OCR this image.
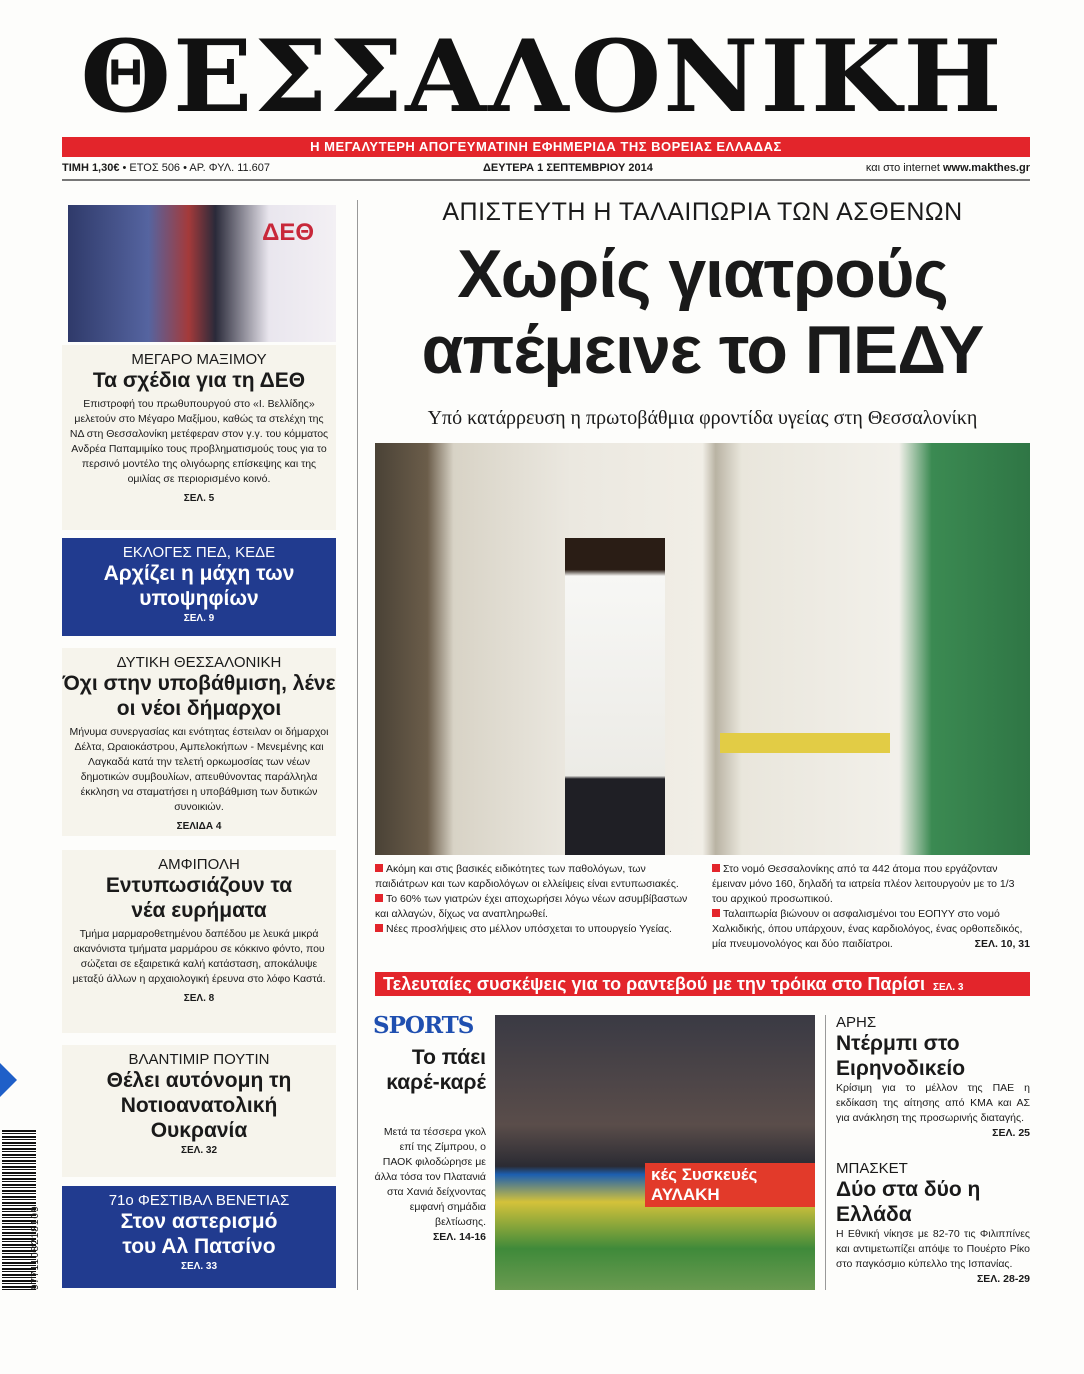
ΘΕΣΣΑΛΟΝΙΚΗ
Η ΜΕΓΑΛΥΤΕΡΗ ΑΠΟΓΕΥΜΑΤΙΝΗ ΕΦΗΜΕΡΙΔΑ ΤΗΣ ΒΟΡΕΙΑΣ ΕΛΛΑΔΑΣ
ΤΙΜΗ 1,30€ • ΕΤΟΣ 506 • ΑΡ. ΦΥΛ. 11.607	ΔΕΥΤΕΡΑ 1 ΣΕΠΤΕΜΒΡΙΟΥ 2014	και στο internet www.makthes.gr
ΔΕΘ
ΜΕΓΑΡΟ ΜΑΞΙΜΟΥ
Τα σχέδια για τη ΔΕΘ
Επιστροφή του πρωθυπουργού στο «Ι. Βελλίδης» μελετούν στο Μέγαρο Μαξίμου, καθώς τα στελέχη της ΝΔ στη Θεσσαλονίκη μετέφεραν στον γ.γ. του κόμματος Ανδρέα Παπαμιμίκο τους προβληματισμούς τους για το περσινό μοντέλο της ολιγόωρης επίσκεψης και της ομιλίας σε περιορισμένο κοινό.
ΣΕΛ. 5
ΕΚΛΟΓΕΣ ΠΕΔ, ΚΕΔΕ
Αρχίζει η μάχη των υποψηφίων
ΣΕΛ. 9
ΔΥΤΙΚΗ ΘΕΣΣΑΛΟΝΙΚΗ
Όχι στην υποβάθμιση, λένε οι νέοι δήμαρχοι
Μήνυμα συνεργασίας και ενότητας έστειλαν οι δήμαρχοι Δέλτα, Ωραιοκάστρου, Αμπελοκήπων - Μενεμένης και Λαγκαδά κατά την τελετή ορκωμοσίας των νέων δημοτικών συμβουλίων, απευθύνοντας παράλληλα έκκληση να σταματήσει η υποβάθμιση των δυτικών συνοικιών.
ΣΕΛΙΔΑ 4
ΑΜΦΙΠΟΛΗ
Εντυπωσιάζουν τα νέα ευρήματα
Τμήμα μαρμαροθετημένου δαπέδου με λευκά μικρά ακανόνιστα τμήματα μαρμάρου σε κόκκινο φόντο, που σώζεται σε εξαιρετικά καλή κατάσταση, αποκάλυψε μεταξύ άλλων η αρχαιολογική έρευνα στο λόφο Καστά.
ΣΕΛ. 8
ΒΛΑΝΤΙΜΙΡ ΠΟΥΤΙΝ
Θέλει αυτόνομη τη Νοτιοανατολική Ουκρανία
ΣΕΛ. 32
71ο ΦΕΣΤΙΒΑΛ ΒΕΝΕΤΙΑΣ
Στον αστερισμό του Αλ Πατσίνο
ΣΕΛ. 33
ΑΠΙΣΤΕΥΤΗ Η ΤΑΛΑΙΠΩΡΙΑ ΤΩΝ ΑΣΘΕΝΩΝ
Χωρίς γιατρούς
απέμεινε το ΠΕΔΥ
Υπό κατάρρευση η πρωτοβάθμια φροντίδα υγείας στη Θεσσαλονίκη
Ακόμη και στις βασικές ειδικότητες των παθολόγων, των παιδιάτρων και των καρδιολόγων οι ελλείψεις είναι εντυπωσιακές.
Το 60% των γιατρών έχει αποχωρήσει λόγω νέων ασυμβίβαστων και αλλαγών, δίχως να αναπληρωθεί.
Νέες προσλήψεις στο μέλλον υπόσχεται το υπουργείο Υγείας.
Στο νομό Θεσσαλονίκης από τα 442 άτομα που εργάζονταν έμειναν μόνο 160, δηλαδή τα ιατρεία πλέον λειτουργούν με το 1/3 του αρχικού προσωπικού.
Ταλαιπωρία βιώνουν οι ασφαλισμένοι του ΕΟΠΥΥ στο νομό Χαλκιδικής, όπου υπάρχουν, ένας καρδιολόγος, ένας ορθοπεδικός, μία πνευμονολόγος και δύο παιδίατροι.	ΣΕΛ. 10, 31
Τελευταίες συσκέψεις για το ραντεβού με την τρόικα στο Παρίσι ΣΕΛ. 3
SPORTS
Το πάει καρέ-καρέ
Μετά τα τέσσερα γκολ επί της Ζίμπρου, ο ΠΑΟΚ φιλοδώρησε με άλλα τόσα τον Πλατανιά στα Χανιά δείχνοντας εμφανή σημάδια βελτίωσης.
ΣΕΛ. 14-16
κές Συσκευές ΑΥΛΑΚΗ
ΑΡΗΣ
Ντέρμπι στο Ειρηνοδικείο
Κρίσιμη για το μέλλον της ΠΑΕ η εκδίκαση της αίτησης από ΚΜΑ και ΑΣ για ανάκληση της προσωρινής διαταγής.
ΣΕΛ. 25
ΜΠΑΣΚΕΤ
Δύο στα δύο η Ελλάδα
Η Εθνική νίκησε με 82-70 τις Φιλιππίνες και αντιμετωπίζει απόψε το Πουέρτο Ρίκο στο παγκόσμιο κύπελλο της Ισπανίας.
ΣΕΛ. 28-29
9771108218109
